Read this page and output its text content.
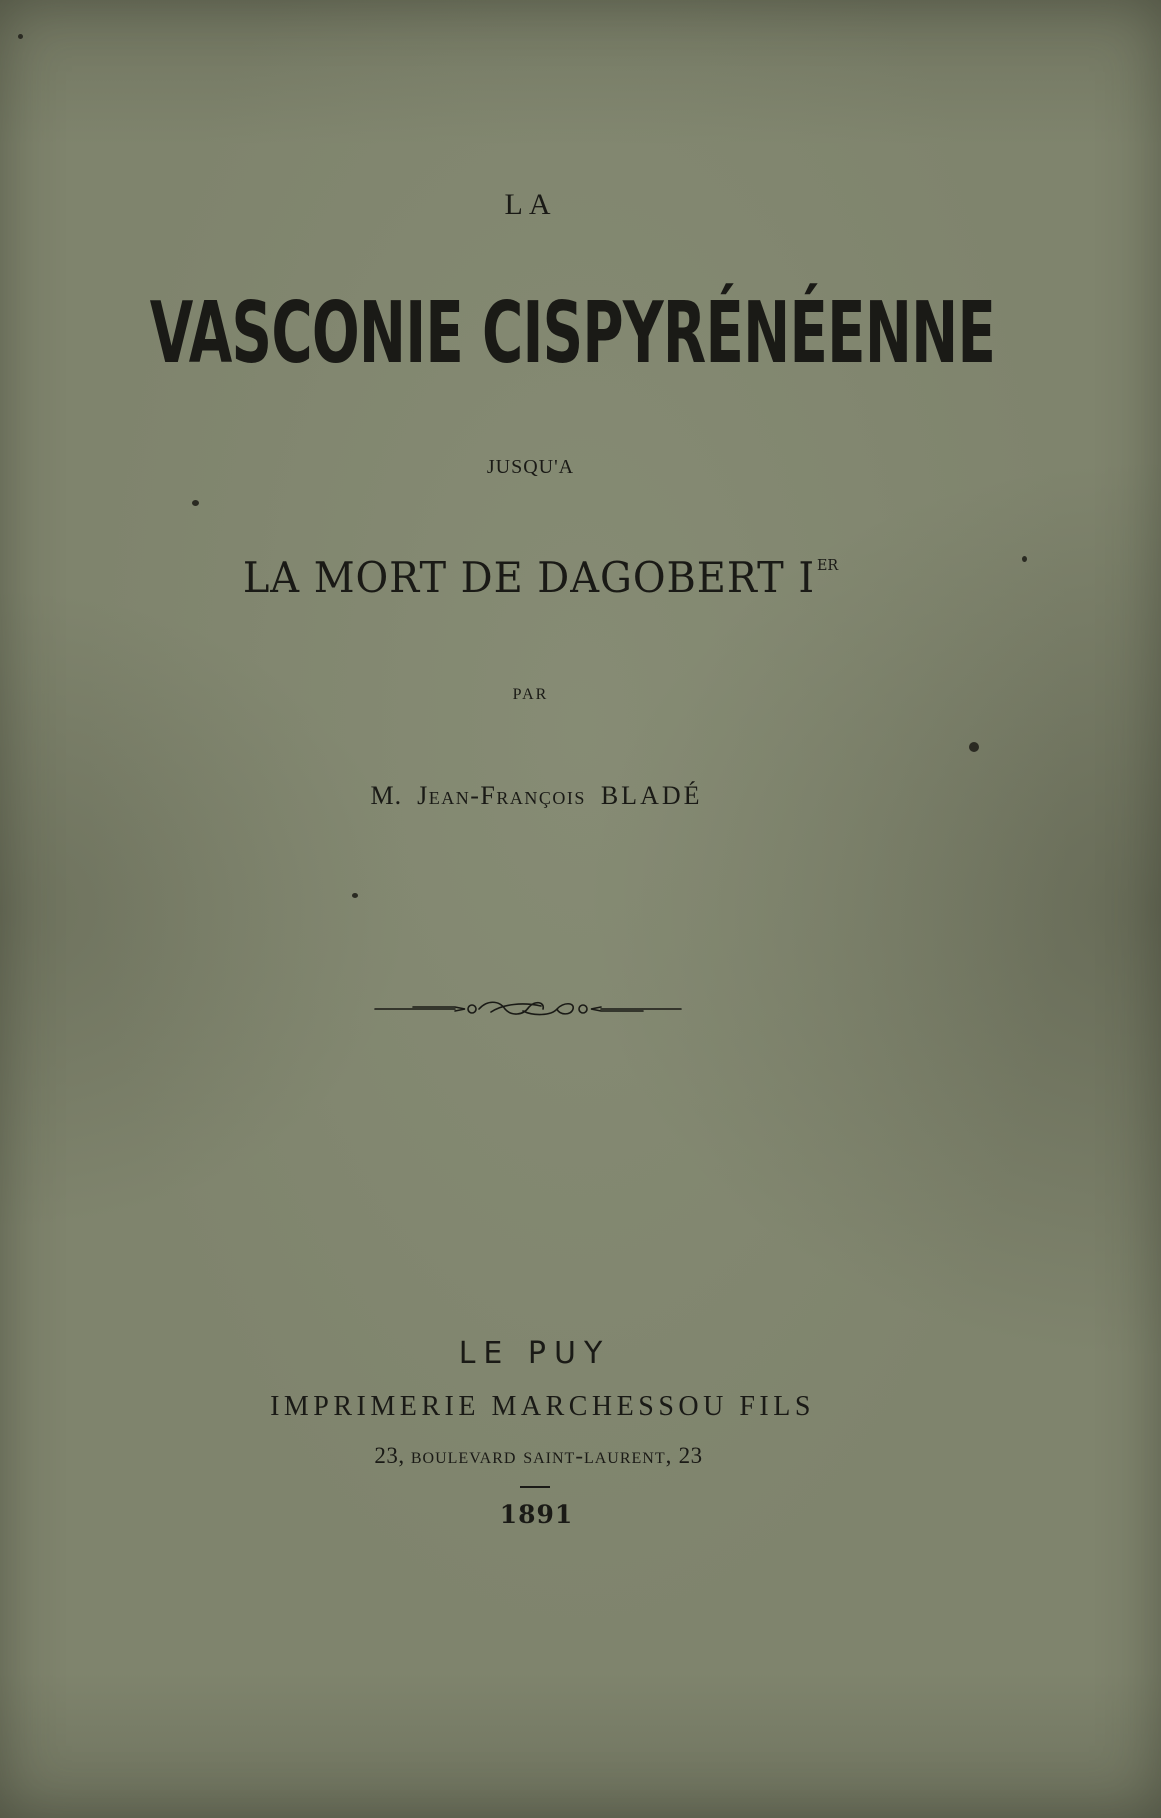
LA
VASCONIE CISPYRÉNÉENNE
JUSQU'A
LA MORT DE DAGOBERT I $^{ER}$
PAR
M. Jean-François BLADÉ
LE PUY
IMPRIMERIE MARCHESSOU FILS
23, boulevard saint-laurent, 23
1891
